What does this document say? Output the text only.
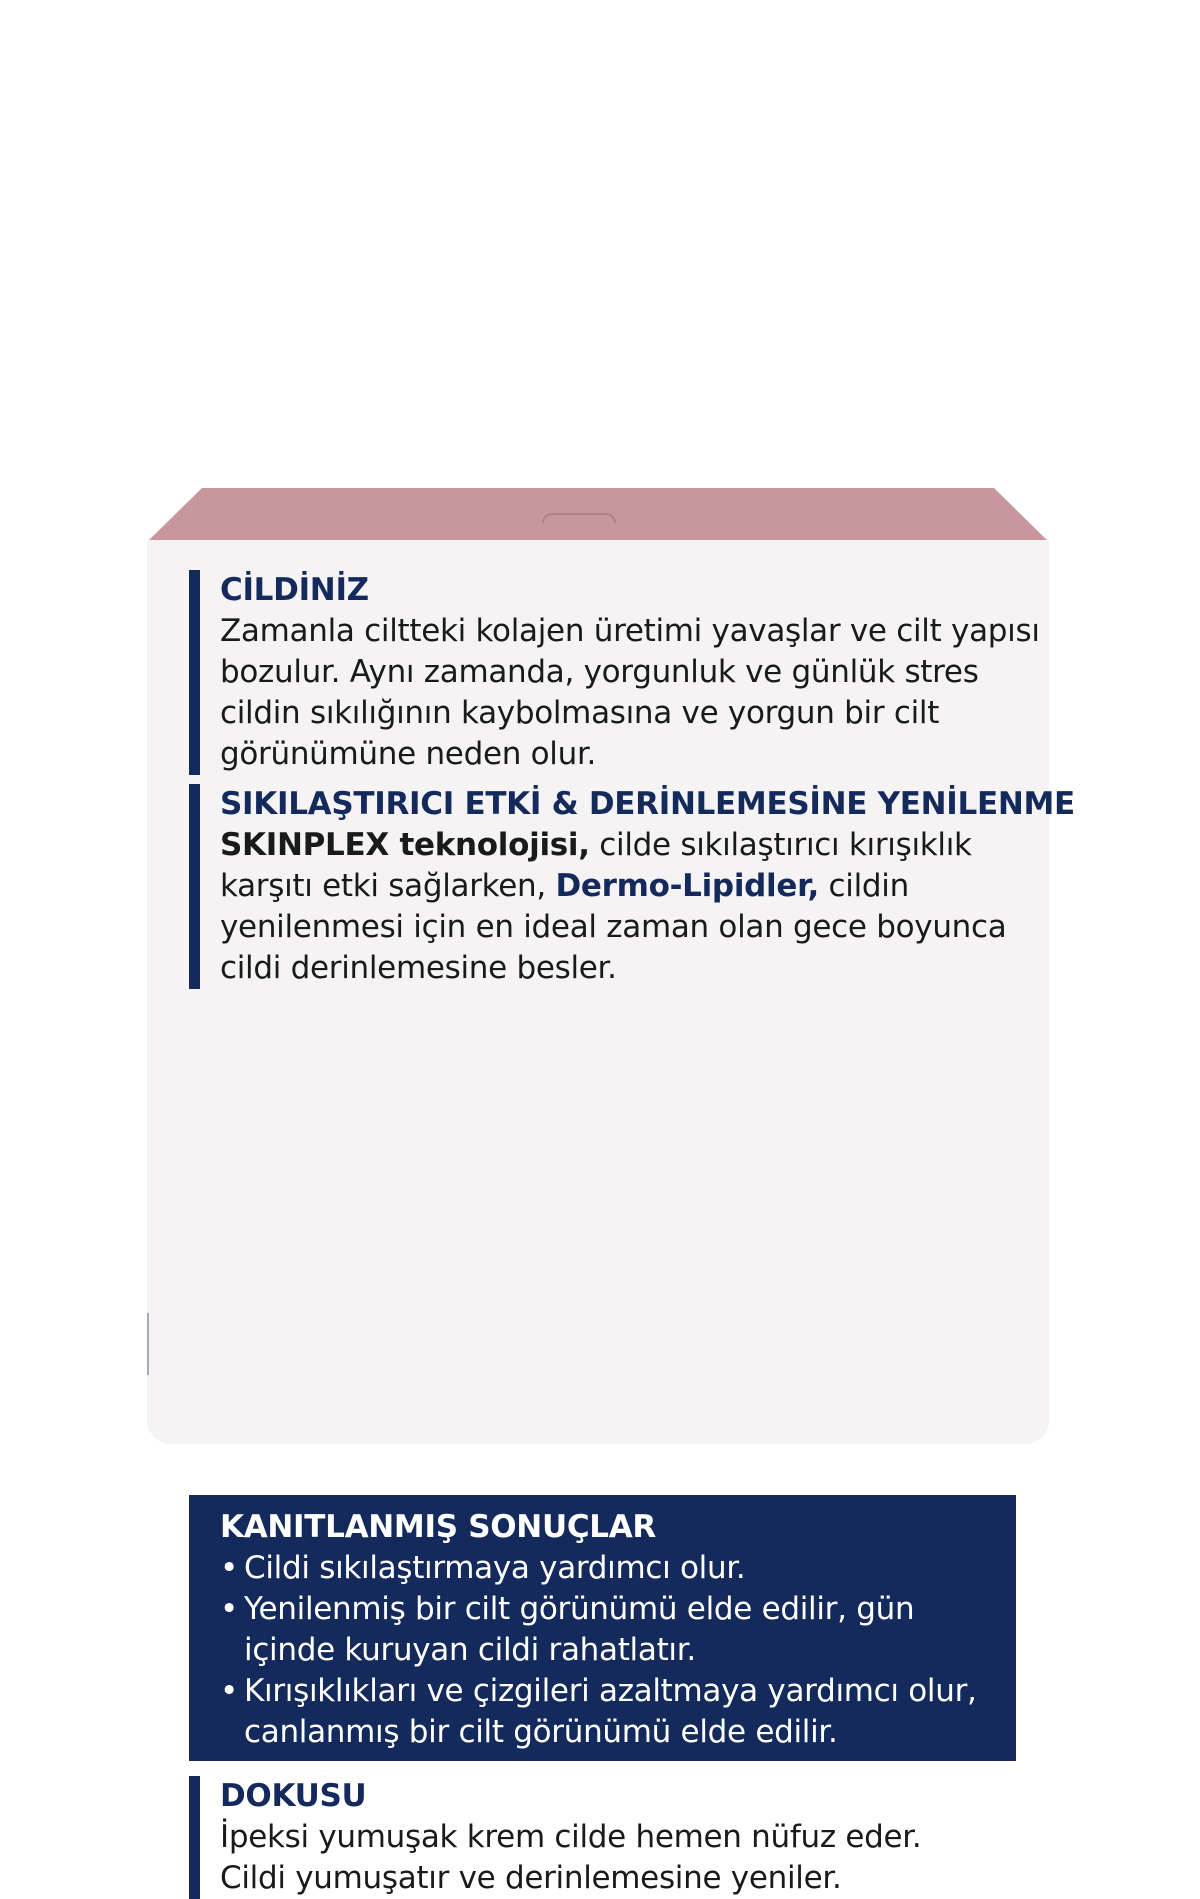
CİLDİNİZ

Zamanla ciltteki kolajen üretimi yavaşlar ve cilt yapısı

bozulur. Aynı zamanda, yorgunluk ve günlük stres

cildin sıkılığının kaybolmasına ve yorgun bir cilt

görünümüne neden olur.

SIKILAŞTIRICI ETKİ & DERİNLEMESİNE YENİLENME

SKINPLEX teknolojisi, cilde sıkılaştırıcı kırışıklık

karşıtı etki sağlarken, Dermo-Lipidler, cildin

yenilenmesi için en ideal zaman olan gece boyunca

cildi derinlemesine besler.

KANITLANMIŞ SONUÇLAR
• Cildi sıkılaştırmaya yardımcı olur.
• Yenilenmiş bir cilt görünümü elde edilir, gün
içinde kuruyan cildi rahatlatır.
• Kırışıklıkları ve çizgileri azaltmaya yardımcı olur,
canlanmış bir cilt görünümü elde edilir.

DOKUSU

İpeksi yumuşak krem cilde hemen nüfuz eder.

Cildi yumuşatır ve derinlemesine yeniler.
